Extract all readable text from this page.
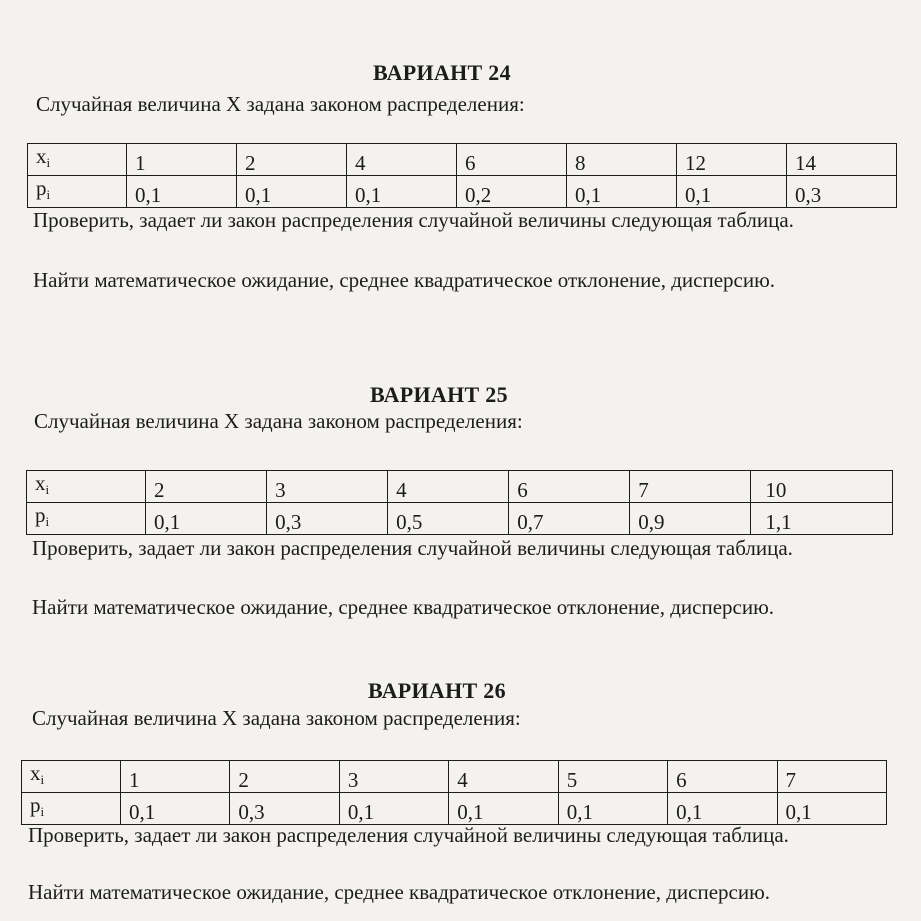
ВАРИАНТ 24
Случайная величина X задана законом распределения:
$x_i$	1	2	4	6	8	12	14
$p_i$	0,1	0,1	0,1	0,2	0,1	0,1	0,3
Проверить, задает ли закон распределения случайной величины следующая таблица.
Найти математическое ожидание, среднее квадратическое отклонение, дисперсию.
ВАРИАНТ 25
Случайная величина X задана законом распределения:
$x_i$	2	3	4	6	7	10
$p_i$	0,1	0,3	0,5	0,7	0,9	1,1
Проверить, задает ли закон распределения случайной величины следующая таблица.
Найти математическое ожидание, среднее квадратическое отклонение, дисперсию.
ВАРИАНТ 26
Случайная величина X задана законом распределения:
$x_i$	1	2	3	4	5	6	7
$p_i$	0,1	0,3	0,1	0,1	0,1	0,1	0,1
Проверить, задает ли закон распределения случайной величины следующая таблица.
Найти математическое ожидание, среднее квадратическое отклонение, дисперсию.
